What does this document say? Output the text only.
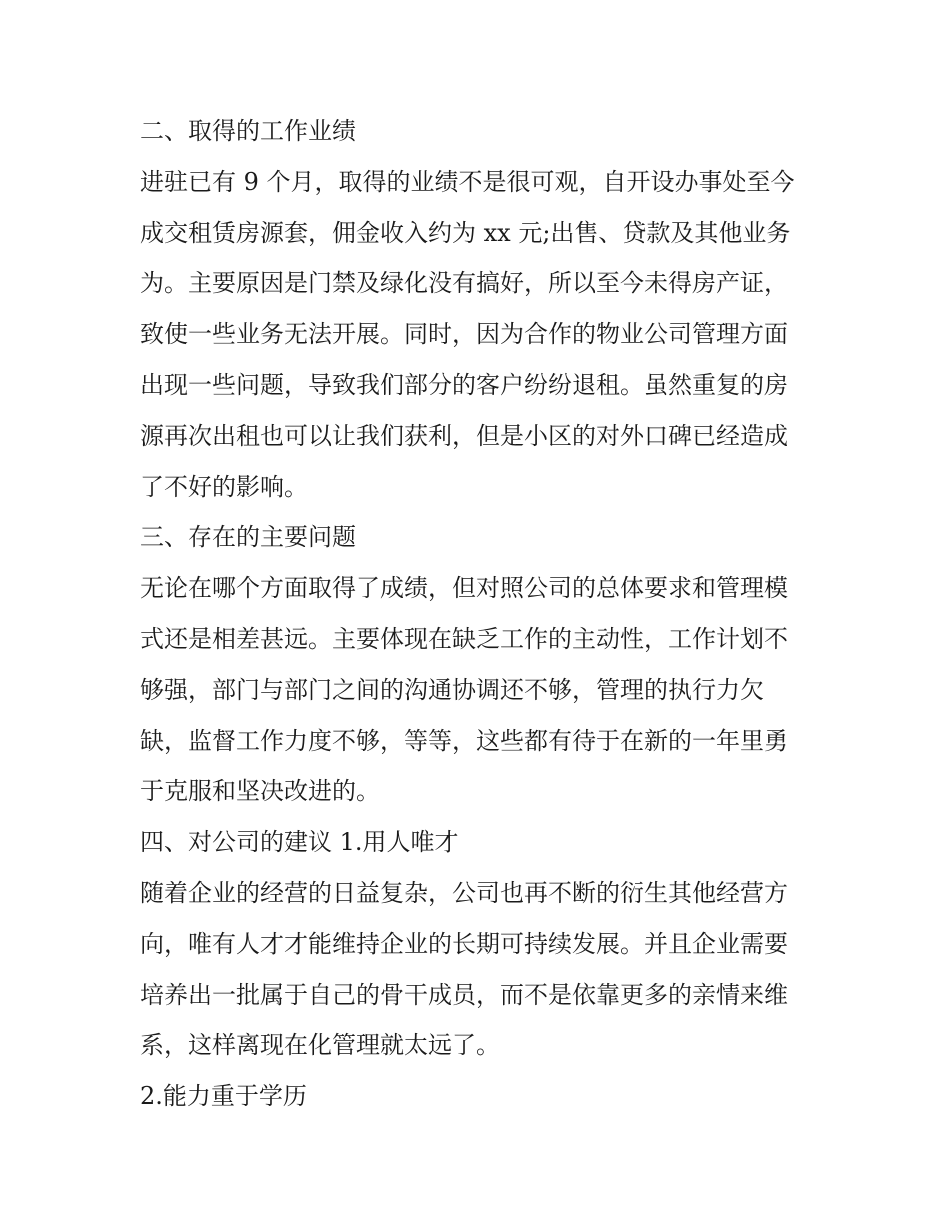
二、取得的工作业绩

进驻已有 9 个月，取得的业绩不是很可观，自开设办事处至今
成交租赁房源套，佣金收入约为 xx 元;出售、贷款及其他业务
为。主要原因是门禁及绿化没有搞好，所以至今未得房产证，
致使一些业务无法开展。同时，因为合作的物业公司管理方面
出现一些问题，导致我们部分的客户纷纷退租。虽然重复的房
源再次出租也可以让我们获利，但是小区的对外口碑已经造成
了不好的影响。

三、存在的主要问题

无论在哪个方面取得了成绩，但对照公司的总体要求和管理模
式还是相差甚远。主要体现在缺乏工作的主动性，工作计划不
够强，部门与部门之间的沟通协调还不够，管理的执行力欠
缺，监督工作力度不够，等等，这些都有待于在新的一年里勇
于克服和坚决改进的。

四、对公司的建议 1.用人唯才

随着企业的经营的日益复杂，公司也再不断的衍生其他经营方
向，唯有人才才能维持企业的长期可持续发展。并且企业需要
培养出一批属于自己的骨干成员，而不是依靠更多的亲情来维
系，这样离现在化管理就太远了。

2.能力重于学历
